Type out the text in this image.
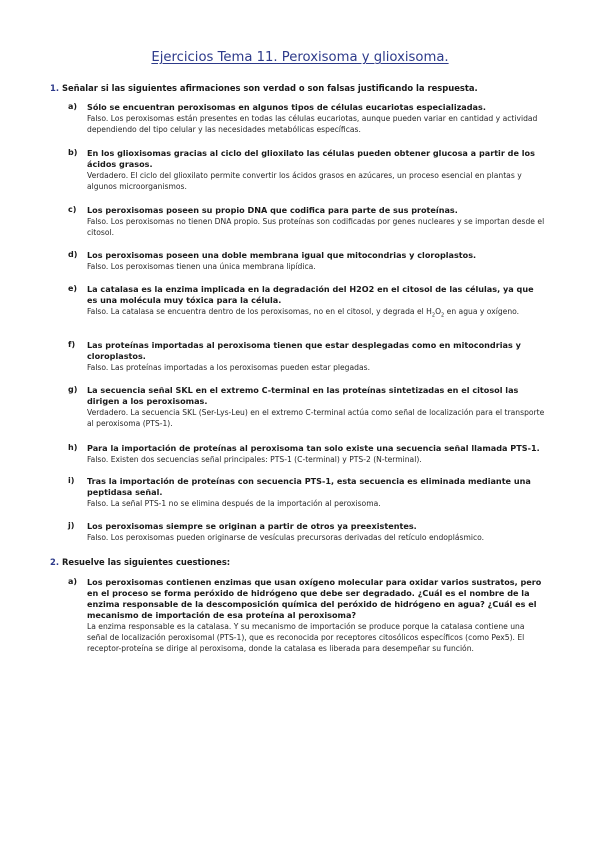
Ejercicios Tema 11. Peroxisoma y glioxisoma.
1. Señalar si las siguientes afirmaciones son verdad o son falsas justificando la respuesta.
a) Sólo se encuentran peroxisomas en algunos tipos de células eucariotas especializadas.
Falso. Los peroxisomas están presentes en todas las células eucariotas, aunque pueden variar en cantidad y actividad dependiendo del tipo celular y las necesidades metabólicas específicas.
b) En los glioxisomas gracias al ciclo del glioxilato las células pueden obtener glucosa a partir de los ácidos grasos.
Verdadero. El ciclo del glioxilato permite convertir los ácidos grasos en azúcares, un proceso esencial en plantas y algunos microorganismos.
c) Los peroxisomas poseen su propio DNA que codifica para parte de sus proteínas.
Falso. Los peroxisomas no tienen DNA propio. Sus proteínas son codificadas por genes nucleares y se importan desde el citosol.
d) Los peroxisomas poseen una doble membrana igual que mitocondrias y cloroplastos.
Falso. Los peroxisomas tienen una única membrana lipídica.
e) La catalasa es la enzima implicada en la degradación del H2O2 en el citosol de las células, ya que es una molécula muy tóxica para la célula.
Falso. La catalasa se encuentra dentro de los peroxisomas, no en el citosol, y degrada el $H_2O_2$ en agua y oxígeno.
f) Las proteínas importadas al peroxisoma tienen que estar desplegadas como en mitocondrias y cloroplastos.
Falso. Las proteínas importadas a los peroxisomas pueden estar plegadas.
g) La secuencia señal SKL en el extremo C-terminal en las proteínas sintetizadas en el citosol las dirigen a los peroxisomas.
Verdadero. La secuencia SKL (Ser-Lys-Leu) en el extremo C-terminal actúa como señal de localización para el transporte al peroxisoma (PTS-1).
h) Para la importación de proteínas al peroxisoma tan solo existe una secuencia señal llamada PTS-1.
Falso. Existen dos secuencias señal principales: PTS-1 (C-terminal) y PTS-2 (N-terminal).
i) Tras la importación de proteínas con secuencia PTS-1, esta secuencia es eliminada mediante una peptidasa señal.
Falso. La señal PTS-1 no se elimina después de la importación al peroxisoma.
j) Los peroxisomas siempre se originan a partir de otros ya preexistentes.
Falso. Los peroxisomas pueden originarse de vesículas precursoras derivadas del retículo endoplásmico.
2. Resuelve las siguientes cuestiones:
a) Los peroxisomas contienen enzimas que usan oxígeno molecular para oxidar varios sustratos, pero en el proceso se forma peróxido de hidrógeno que debe ser degradado. ¿Cuál es el nombre de la enzima responsable de la descomposición química del peróxido de hidrógeno en agua? ¿Cuál es el mecanismo de importación de esa proteína al peroxisoma?
La enzima responsable es la catalasa. Y su mecanismo de importación se produce porque la catalasa contiene una señal de localización peroxisomal (PTS-1), que es reconocida por receptores citosólicos específicos (como Pex5). El receptor-proteína se dirige al peroxisoma, donde la catalasa es liberada para desempeñar su función.
